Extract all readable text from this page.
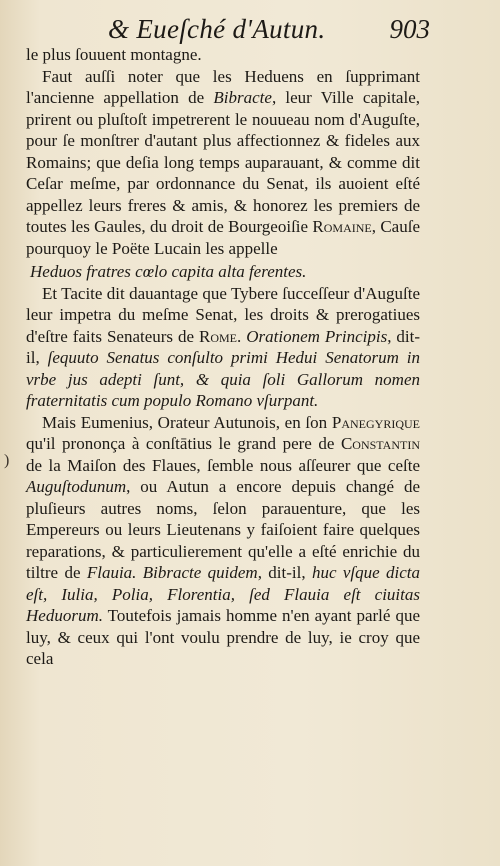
& Eueſché d'Autun. 903
)

le plus ſouuent montagne.

Faut auſſi noter que les Heduens en ſupprimant l'ancienne appellation de Bibracte, leur Ville capitale, prirent ou pluſtoſt impetrerent le nouueau nom d'Auguſte, pour ſe monſtrer d'autant plus affectionnez & fideles aux Romains; que deſia long temps auparauant, & comme dit Ceſar meſme, par ordonnance du Senat, ils auoient eſté appellez leurs freres & amis, & honorez les premiers de toutes les Gaules, du droit de Bourgeoiſie Romaine, Cauſe pourquoy le Poëte Lucain les appelle

Heduos fratres cœlo capita alta ferentes.

Et Tacite dit dauantage que Tybere ſucceſſeur d'Auguſte leur impetra du meſme Senat, les droits & prerogatiues d'eſtre faits Senateurs de Rome. Orationem Principis, dit-il, ſequuto Senatus conſulto primi Hedui Senatorum in vrbe jus adepti ſunt, & quia ſoli Gallorum nomen fraternitatis cum populo Romano vſurpant.

Mais Eumenius, Orateur Autunois, en ſon Panegyrique qu'il prononça à conſtātius le grand pere de Conſtantin de la Maiſon des Flaues, ſemble nous aſſeurer que ceſte Auguſtodunum, ou Autun a encore depuis changé de pluſieurs autres noms, ſelon parauenture, que les Empereurs ou leurs Lieutenans y faiſoient faire quelques reparations, & particulierement qu'elle a eſté enrichie du tiltre de Flauia. Bibracte quidem, dit-il, huc vſque dicta eſt, Iulia, Polia, Florentia, ſed Flauia eſt ciuitas Heduorum. Toutefois jamais homme n'en ayant parlé que luy, & ceux qui l'ont voulu prendre de luy, ie croy que cela
